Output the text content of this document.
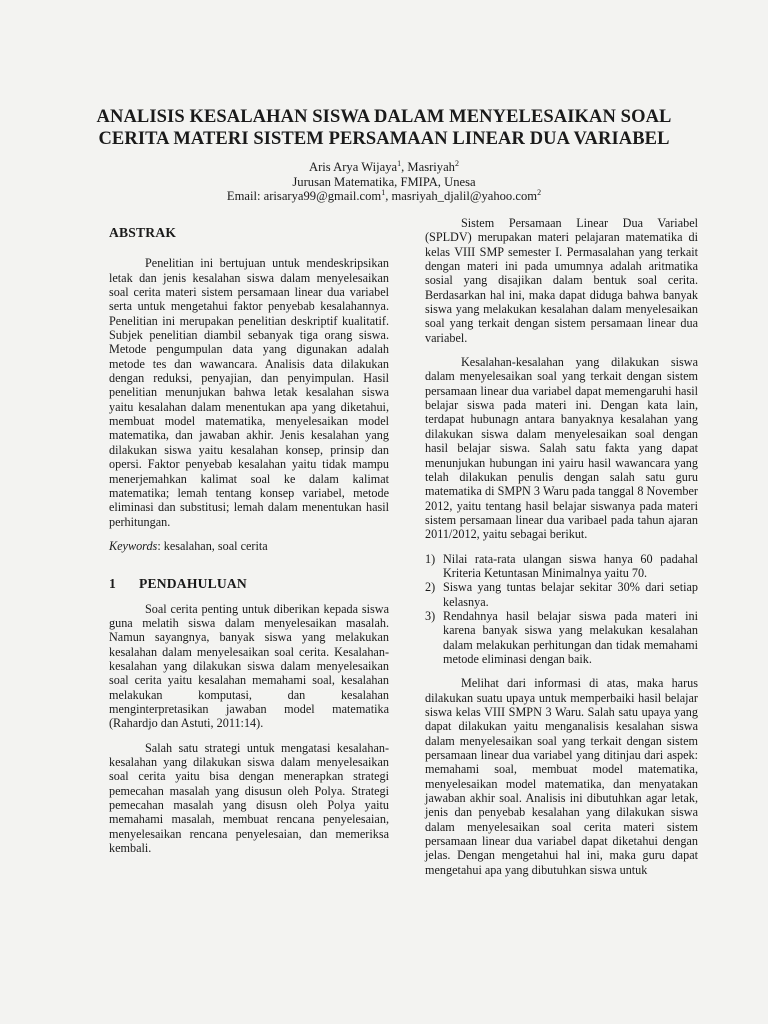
ANALISIS KESALAHAN SISWA DALAM MENYELESAIKAN SOAL
CERITA MATERI SISTEM PERSAMAAN LINEAR DUA VARIABEL
Aris Arya Wijaya$^1$, Masriyah$^2$
Jurusan Matematika, FMIPA, Unesa
Email: arisarya99@gmail.com$^1$, masriyah_djalil@yahoo.com$^2$
ABSTRAK

Penelitian ini bertujuan untuk mendeskripsikan letak dan jenis kesalahan siswa dalam menyelesaikan soal cerita materi sistem persamaan linear dua variabel serta untuk mengetahui faktor penyebab kesalahannya. Penelitian ini merupakan penelitian deskriptif kualitatif. Subjek penelitian diambil sebanyak tiga orang siswa. Metode pengumpulan data yang digunakan adalah metode tes dan wawancara. Analisis data dilakukan dengan reduksi, penyajian, dan penyimpulan. Hasil penelitian menunjukan bahwa letak kesalahan siswa yaitu kesalahan dalam menentukan apa yang diketahui, membuat model matematika, menyelesaikan model matematika, dan jawaban akhir. Jenis kesalahan yang dilakukan siswa yaitu kesalahan konsep, prinsip dan opersi. Faktor penyebab kesalahan yaitu tidak mampu menerjemahkan kalimat soal ke dalam kalimat matematika; lemah tentang konsep variabel, metode eliminasi dan substitusi; lemah dalam menentukan hasil perhitungan.

Keywords: kesalahan, soal cerita

1 PENDAHULUAN

Soal cerita penting untuk diberikan kepada siswa guna melatih siswa dalam menyelesaikan masalah. Namun sayangnya, banyak siswa yang melakukan kesalahan dalam menyelesaikan soal cerita. Kesalahan-kesalahan yang dilakukan siswa dalam menyelesaikan soal cerita yaitu kesalahan memahami soal, kesalahan melakukan komputasi, dan kesalahan menginterpretasikan jawaban model matematika (Rahardjo dan Astuti, 2011:14).

Salah satu strategi untuk mengatasi kesalahan-kesalahan yang dilakukan siswa dalam menyelesaikan soal cerita yaitu bisa dengan menerapkan strategi pemecahan masalah yang disusun oleh Polya. Strategi pemecahan masalah yang disusn oleh Polya yaitu memahami masalah, membuat rencana penyelesaian, menyelesaikan rencana penyelesaian, dan memeriksa kembali.

Sistem Persamaan Linear Dua Variabel (SPLDV) merupakan materi pelajaran matematika di kelas VIII SMP semester I. Permasalahan yang terkait dengan materi ini pada umumnya adalah aritmatika sosial yang disajikan dalam bentuk soal cerita. Berdasarkan hal ini, maka dapat diduga bahwa banyak siswa yang melakukan kesalahan dalam menyelesaikan soal yang terkait dengan sistem persamaan linear dua variabel.

Kesalahan-kesalahan yang dilakukan siswa dalam menyelesaikan soal yang terkait dengan sistem persamaan linear dua variabel dapat memengaruhi hasil belajar siswa pada materi ini. Dengan kata lain, terdapat hubunagn antara banyaknya kesalahan yang dilakukan siswa dalam menyelesaikan soal dengan hasil belajar siswa. Salah satu fakta yang dapat menunjukan hubungan ini yairu hasil wawancara yang telah dilakukan penulis dengan salah satu guru matematika di SMPN 3 Waru pada tanggal 8 November 2012, yaitu tentang hasil belajar siswanya pada materi sistem persamaan linear dua varibael pada tahun ajaran 2011/2012, yaitu sebagai berikut.

1) Nilai rata-rata ulangan siswa hanya 60 padahal Kriteria Ketuntasan Minimalnya yaitu 70.
2) Siswa yang tuntas belajar sekitar 30% dari setiap kelasnya.
3) Rendahnya hasil belajar siswa pada materi ini karena banyak siswa yang melakukan kesalahan dalam melakukan perhitungan dan tidak memahami metode eliminasi dengan baik.

Melihat dari informasi di atas, maka harus dilakukan suatu upaya untuk memperbaiki hasil belajar siswa kelas VIII SMPN 3 Waru. Salah satu upaya yang dapat dilakukan yaitu menganalisis kesalahan siswa dalam menyelesaikan soal yang terkait dengan sistem persamaan linear dua variabel yang ditinjau dari aspek: memahami soal, membuat model matematika, menyelesaikan model matematika, dan menyatakan jawaban akhir soal. Analisis ini dibutuhkan agar letak, jenis dan penyebab kesalahan yang dilakukan siswa dalam menyelesaikan soal cerita materi sistem persamaan linear dua variabel dapat diketahui dengan jelas. Dengan mengetahui hal ini, maka guru dapat mengetahui apa yang dibutuhkan siswa untuk
